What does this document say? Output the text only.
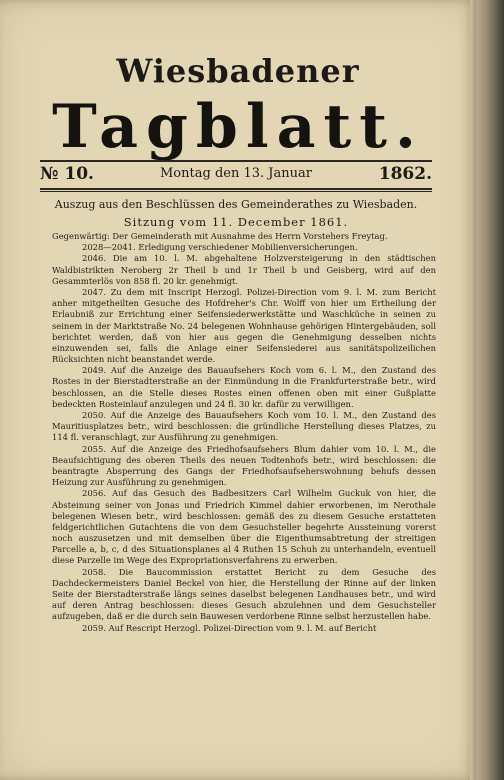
Wiesbadener
Tagblatt.
№ 10.	Montag den 13. Januar	1862.
Auszug aus den Beschlüssen des Gemeinderathes zu Wiesbaden.
Sitzung vom 11. December 1861.

Gegenwärtig: Der Gemeinderath mit Ausnahme des Herrn Vorstehers Freytag.

2028—2041. Erledigung verschiedener Mobilienversicherungen.

2046. Die am 10. l. M. abgehaltene Holzversteigerung in den städtischen Waldbistrikten Neroberg 2r Theil b und 1r Theil b und Geisberg, wird auf den Gesammterlös von 858 fl. 20 kr. genehmigt.

2047. Zu dem mit Inscript Herzogl. Polizei-Direction vom 9. l. M. zum Bericht anher mitgetheilten Gesuche des Hofdreher's Chr. Wolff von hier um Ertheilung der Erlaubniß zur Errichtung einer Seifensiederwerkstätte und Waschküche in seinen zu seinem in der Marktstraße No. 24 belegenen Wohnhause gehörigen Hintergebäuden, soll berichtet werden, daß von hier aus gegen die Genehmigung desselben nichts einzuwenden sei, falls die Anlage einer Seifensiederei aus sanitätspolizeilichen Rücksichten nicht beanstandet werde.

2049. Auf die Anzeige des Bauaufsehers Koch vom 6. l. M., den Zustand des Rostes in der Bierstadterstraße an der Einmündung in die Frankfurterstraße betr., wird beschlossen, an die Stelle dieses Rostes einen offenen oben mit einer Gußplatte bedeckten Rosteinlauf anzulegen und 24 fl. 30 kr. dafür zu verwilligen.

2050. Auf die Anzeige des Bauaufsehers Koch vom 10. l. M., den Zustand des Mauritiusplatzes betr., wird beschlossen: die gründliche Herstellung dieses Platzes, zu 114 fl. veranschlagt, zur Ausführung zu genehmigen.

2055. Auf die Anzeige des Friedhofsaufsehers Blum dahier vom 10. l. M., die Beaufsichtigung des oberen Theils des neuen Todtenhofs betr., wird beschlossen: die beantragte Absperrung des Gangs der Friedhofsaufseherswohnung behufs dessen Heizung zur Ausführung zu genehmigen.

2056. Auf das Gesuch des Badbesitzers Carl Wilhelm Guckuk von hier, die Absteinung seiner von Jonas und Friedrich Kimmel dahier erworbenen, im Nerothale belegenen Wiesen betr., wird beschlossen: gemäß des zu diesem Gesuche erstatteten feldgerichtlichen Gutachtens die von dem Gesuchsteller begehrte Aussteinung vorerst noch auszusetzen und mit demselben über die Eigenthumsabtretung der streitigen Parcelle a, b, c, d des Situationsplanes al 4 Ruthen 15 Schuh zu unterhandeln, eventuell diese Parzelle im Wege des Expropriationsverfahrens zu erwerben.

2058. Die Baucommission erstattet Bericht zu dem Gesuche des Dachdeckermeisters Daniel Beckel von hier, die Herstellung der Rinne auf der linken Seite der Bierstadterstraße längs seines daselbst belegenen Landhauses betr., und wird auf deren Antrag beschlossen: dieses Gesuch abzulehnen und dem Gesuchsteller aufzugeben, daß er die durch sein Bauwesen verdorbene Rinne selbst herzustellen habe.

2059. Auf Rescript Herzogl. Polizei-Direction vom 9. l. M. auf Bericht
